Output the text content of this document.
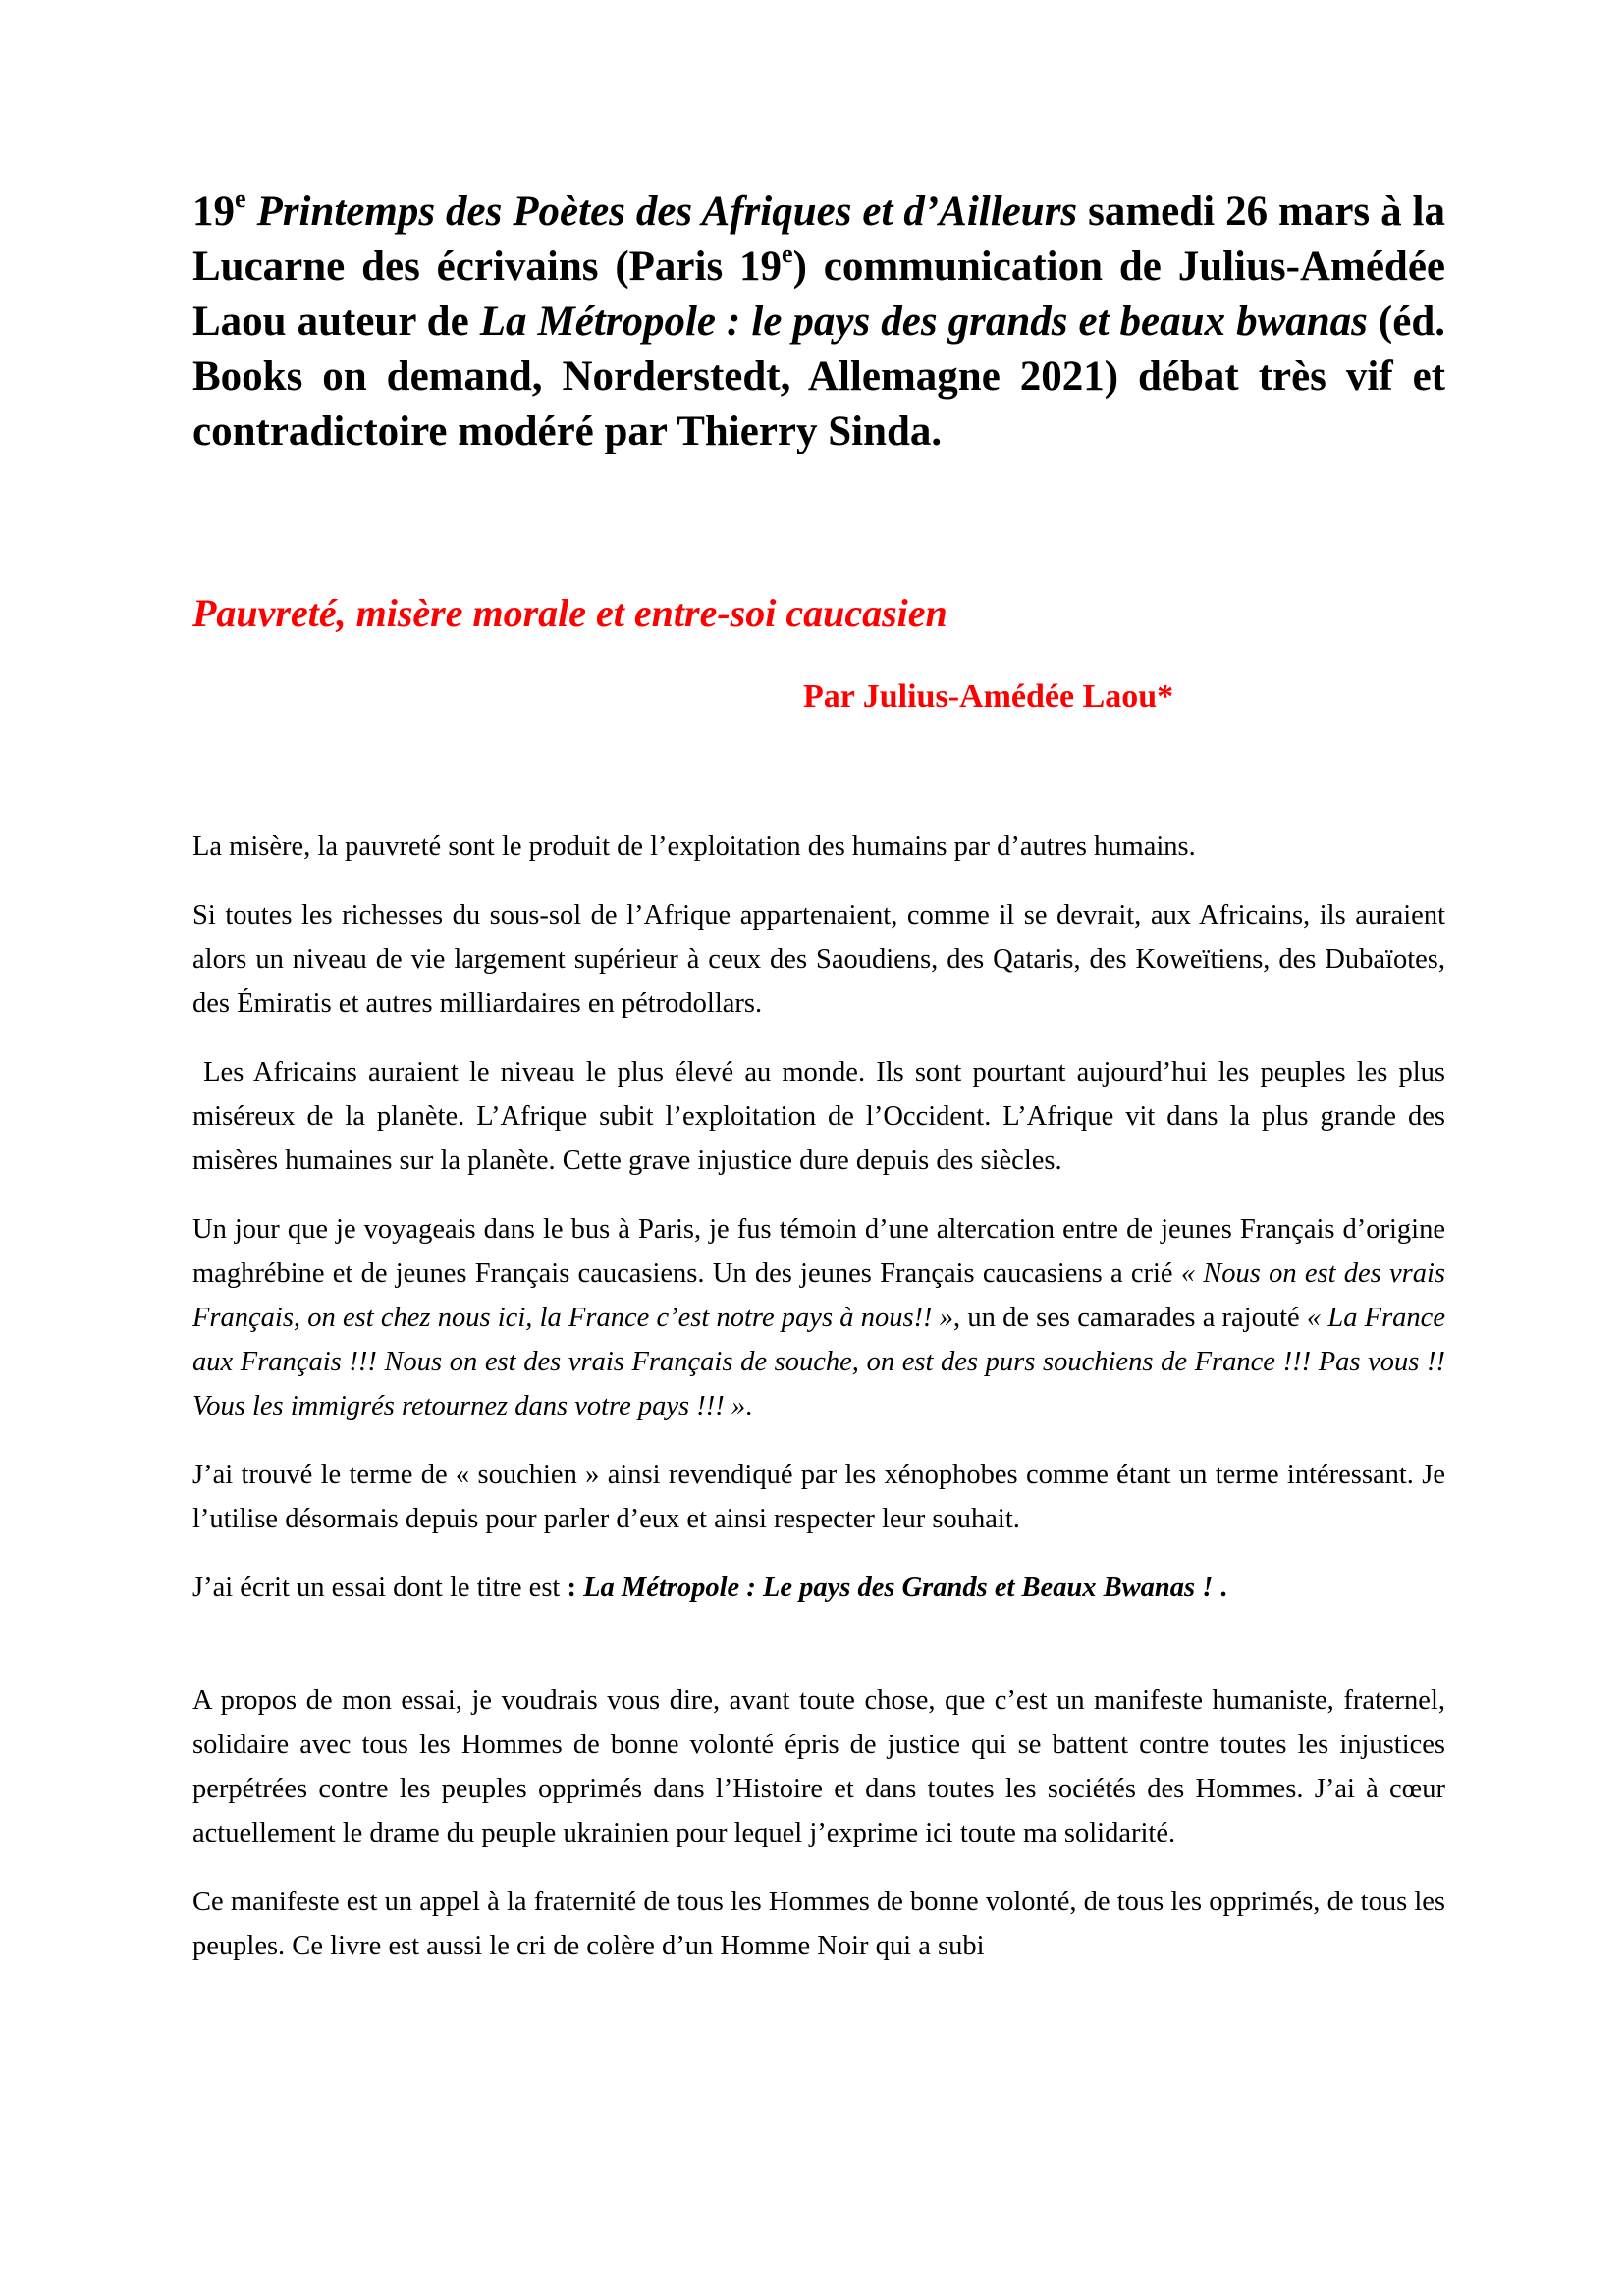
19e Printemps des Poètes des Afriques et d’Ailleurs samedi 26 mars à la Lucarne des écrivains (Paris 19e) communication de Julius-Amédée Laou auteur de La Métropole : le pays des grands et beaux bwanas (éd. Books on demand, Norderstedt, Allemagne 2021) débat très vif et contradictoire modéré par Thierry Sinda.
Pauvreté, misère morale et entre-soi caucasien
Par Julius-Amédée Laou*

La misère, la pauvreté sont le produit de l’exploitation des humains par d’autres humains.

Si toutes les richesses du sous-sol de l’Afrique appartenaient, comme il se devrait, aux Africains, ils auraient alors un niveau de vie largement supérieur à ceux des Saoudiens, des Qataris, des Koweïtiens, des Dubaïotes, des Émiratis et autres milliardaires en pétrodollars.

Les Africains auraient le niveau le plus élevé au monde. Ils sont pourtant aujourd’hui les peuples les plus miséreux de la planète. L’Afrique subit l’exploitation de l’Occident. L’Afrique vit dans la plus grande des misères humaines sur la planète. Cette grave injustice dure depuis des siècles.

Un jour que je voyageais dans le bus à Paris, je fus témoin d’une altercation entre de jeunes Français d’origine maghrébine et de jeunes Français caucasiens. Un des jeunes Français caucasiens a crié « Nous on est des vrais Français, on est chez nous ici, la France c’est notre pays à nous!! », un de ses camarades a rajouté « La France aux Français !!! Nous on est des vrais Français de souche, on est des purs souchiens de France !!! Pas vous !! Vous les immigrés retournez dans votre pays !!! ».

J’ai trouvé le terme de « souchien » ainsi revendiqué par les xénophobes comme étant un terme intéressant. Je l’utilise désormais depuis pour parler d’eux et ainsi respecter leur souhait.

J’ai écrit un essai dont le titre est : La Métropole : Le pays des Grands et Beaux Bwanas ! .

A propos de mon essai, je voudrais vous dire, avant toute chose, que c’est un manifeste humaniste, fraternel, solidaire avec tous les Hommes de bonne volonté épris de justice qui se battent contre toutes les injustices perpétrées contre les peuples opprimés dans l’Histoire et dans toutes les sociétés des Hommes. J’ai à cœur actuellement le drame du peuple ukrainien pour lequel j’exprime ici toute ma solidarité.

Ce manifeste est un appel à la fraternité de tous les Hommes de bonne volonté, de tous les opprimés, de tous les peuples. Ce livre est aussi le cri de colère d’un Homme Noir qui a subi
